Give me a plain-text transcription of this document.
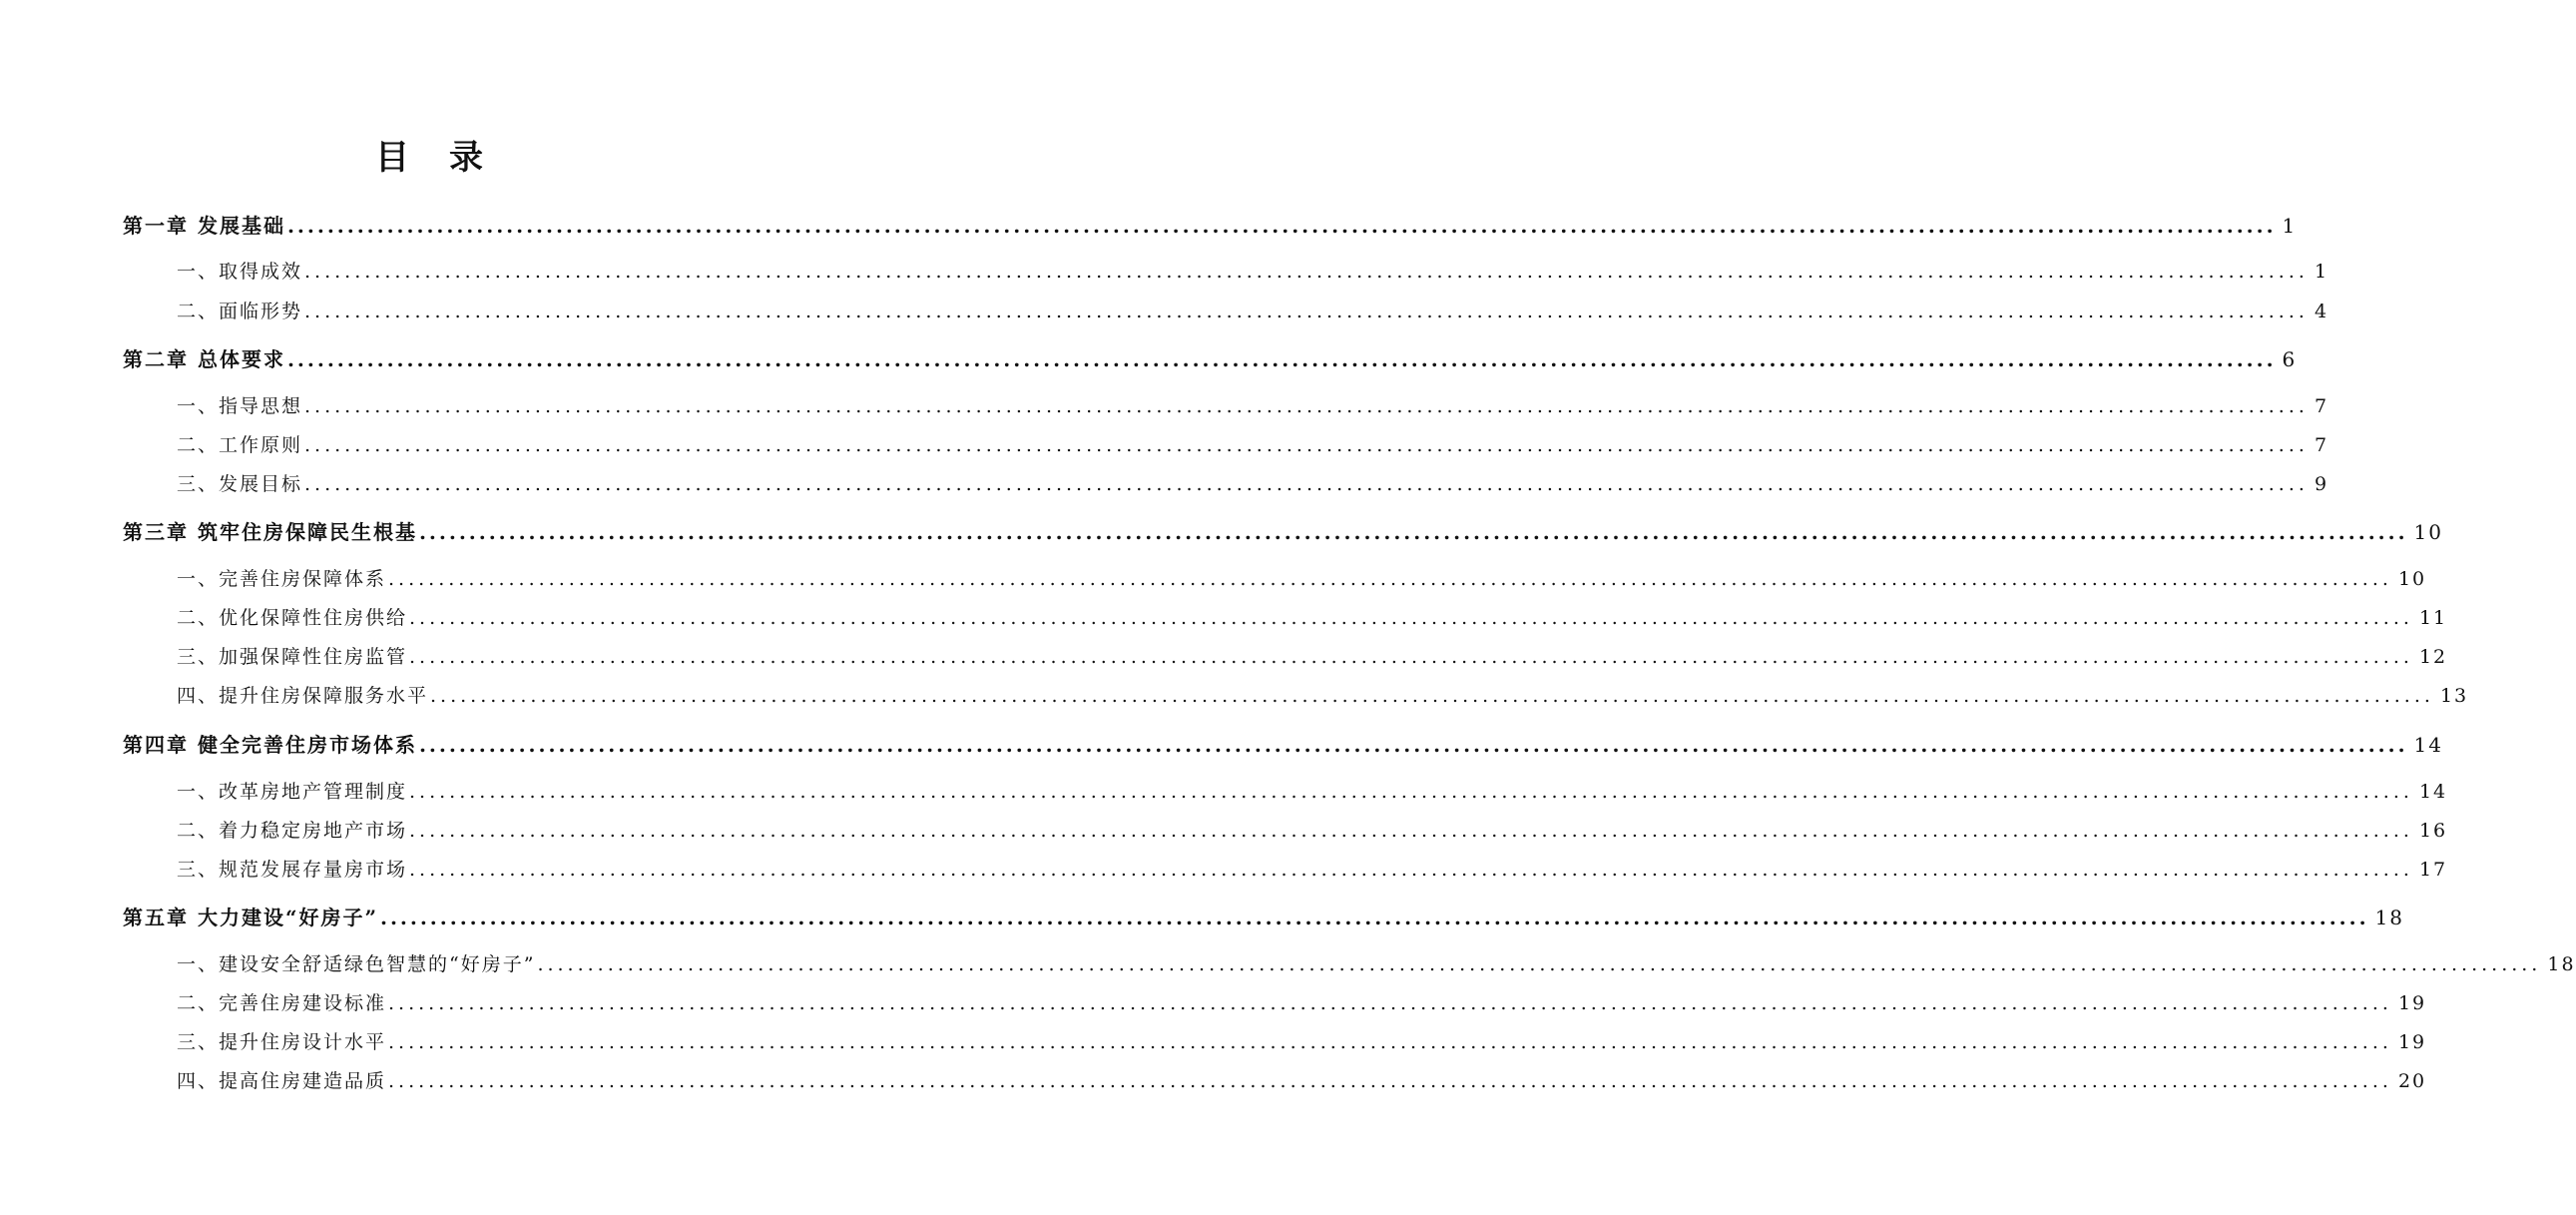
目 录
第一章 发展基础 ........................................................................................................................................................................................................ 1
一、取得成效 ........................................................................................................................................................................................................ 1
二、面临形势 ........................................................................................................................................................................................................ 4
第二章 总体要求 ........................................................................................................................................................................................................ 6
一、指导思想 ........................................................................................................................................................................................................ 7
二、工作原则 ........................................................................................................................................................................................................ 7
三、发展目标 ........................................................................................................................................................................................................ 9
第三章 筑牢住房保障民生根基 ........................................................................................................................................................................................................ 10
一、完善住房保障体系 ........................................................................................................................................................................................................ 10
二、优化保障性住房供给 ........................................................................................................................................................................................................ 11
三、加强保障性住房监管 ........................................................................................................................................................................................................ 12
四、提升住房保障服务水平 ........................................................................................................................................................................................................ 13
第四章 健全完善住房市场体系 ........................................................................................................................................................................................................ 14
一、改革房地产管理制度 ........................................................................................................................................................................................................ 14
二、着力稳定房地产市场 ........................................................................................................................................................................................................ 16
三、规范发展存量房市场 ........................................................................................................................................................................................................ 17
第五章 大力建设“好房子” ........................................................................................................................................................................................................ 18
一、建设安全舒适绿色智慧的“好房子” ........................................................................................................................................................................................................ 18
二、完善住房建设标准 ........................................................................................................................................................................................................ 19
三、提升住房设计水平 ........................................................................................................................................................................................................ 19
四、提高住房建造品质 ........................................................................................................................................................................................................ 20
